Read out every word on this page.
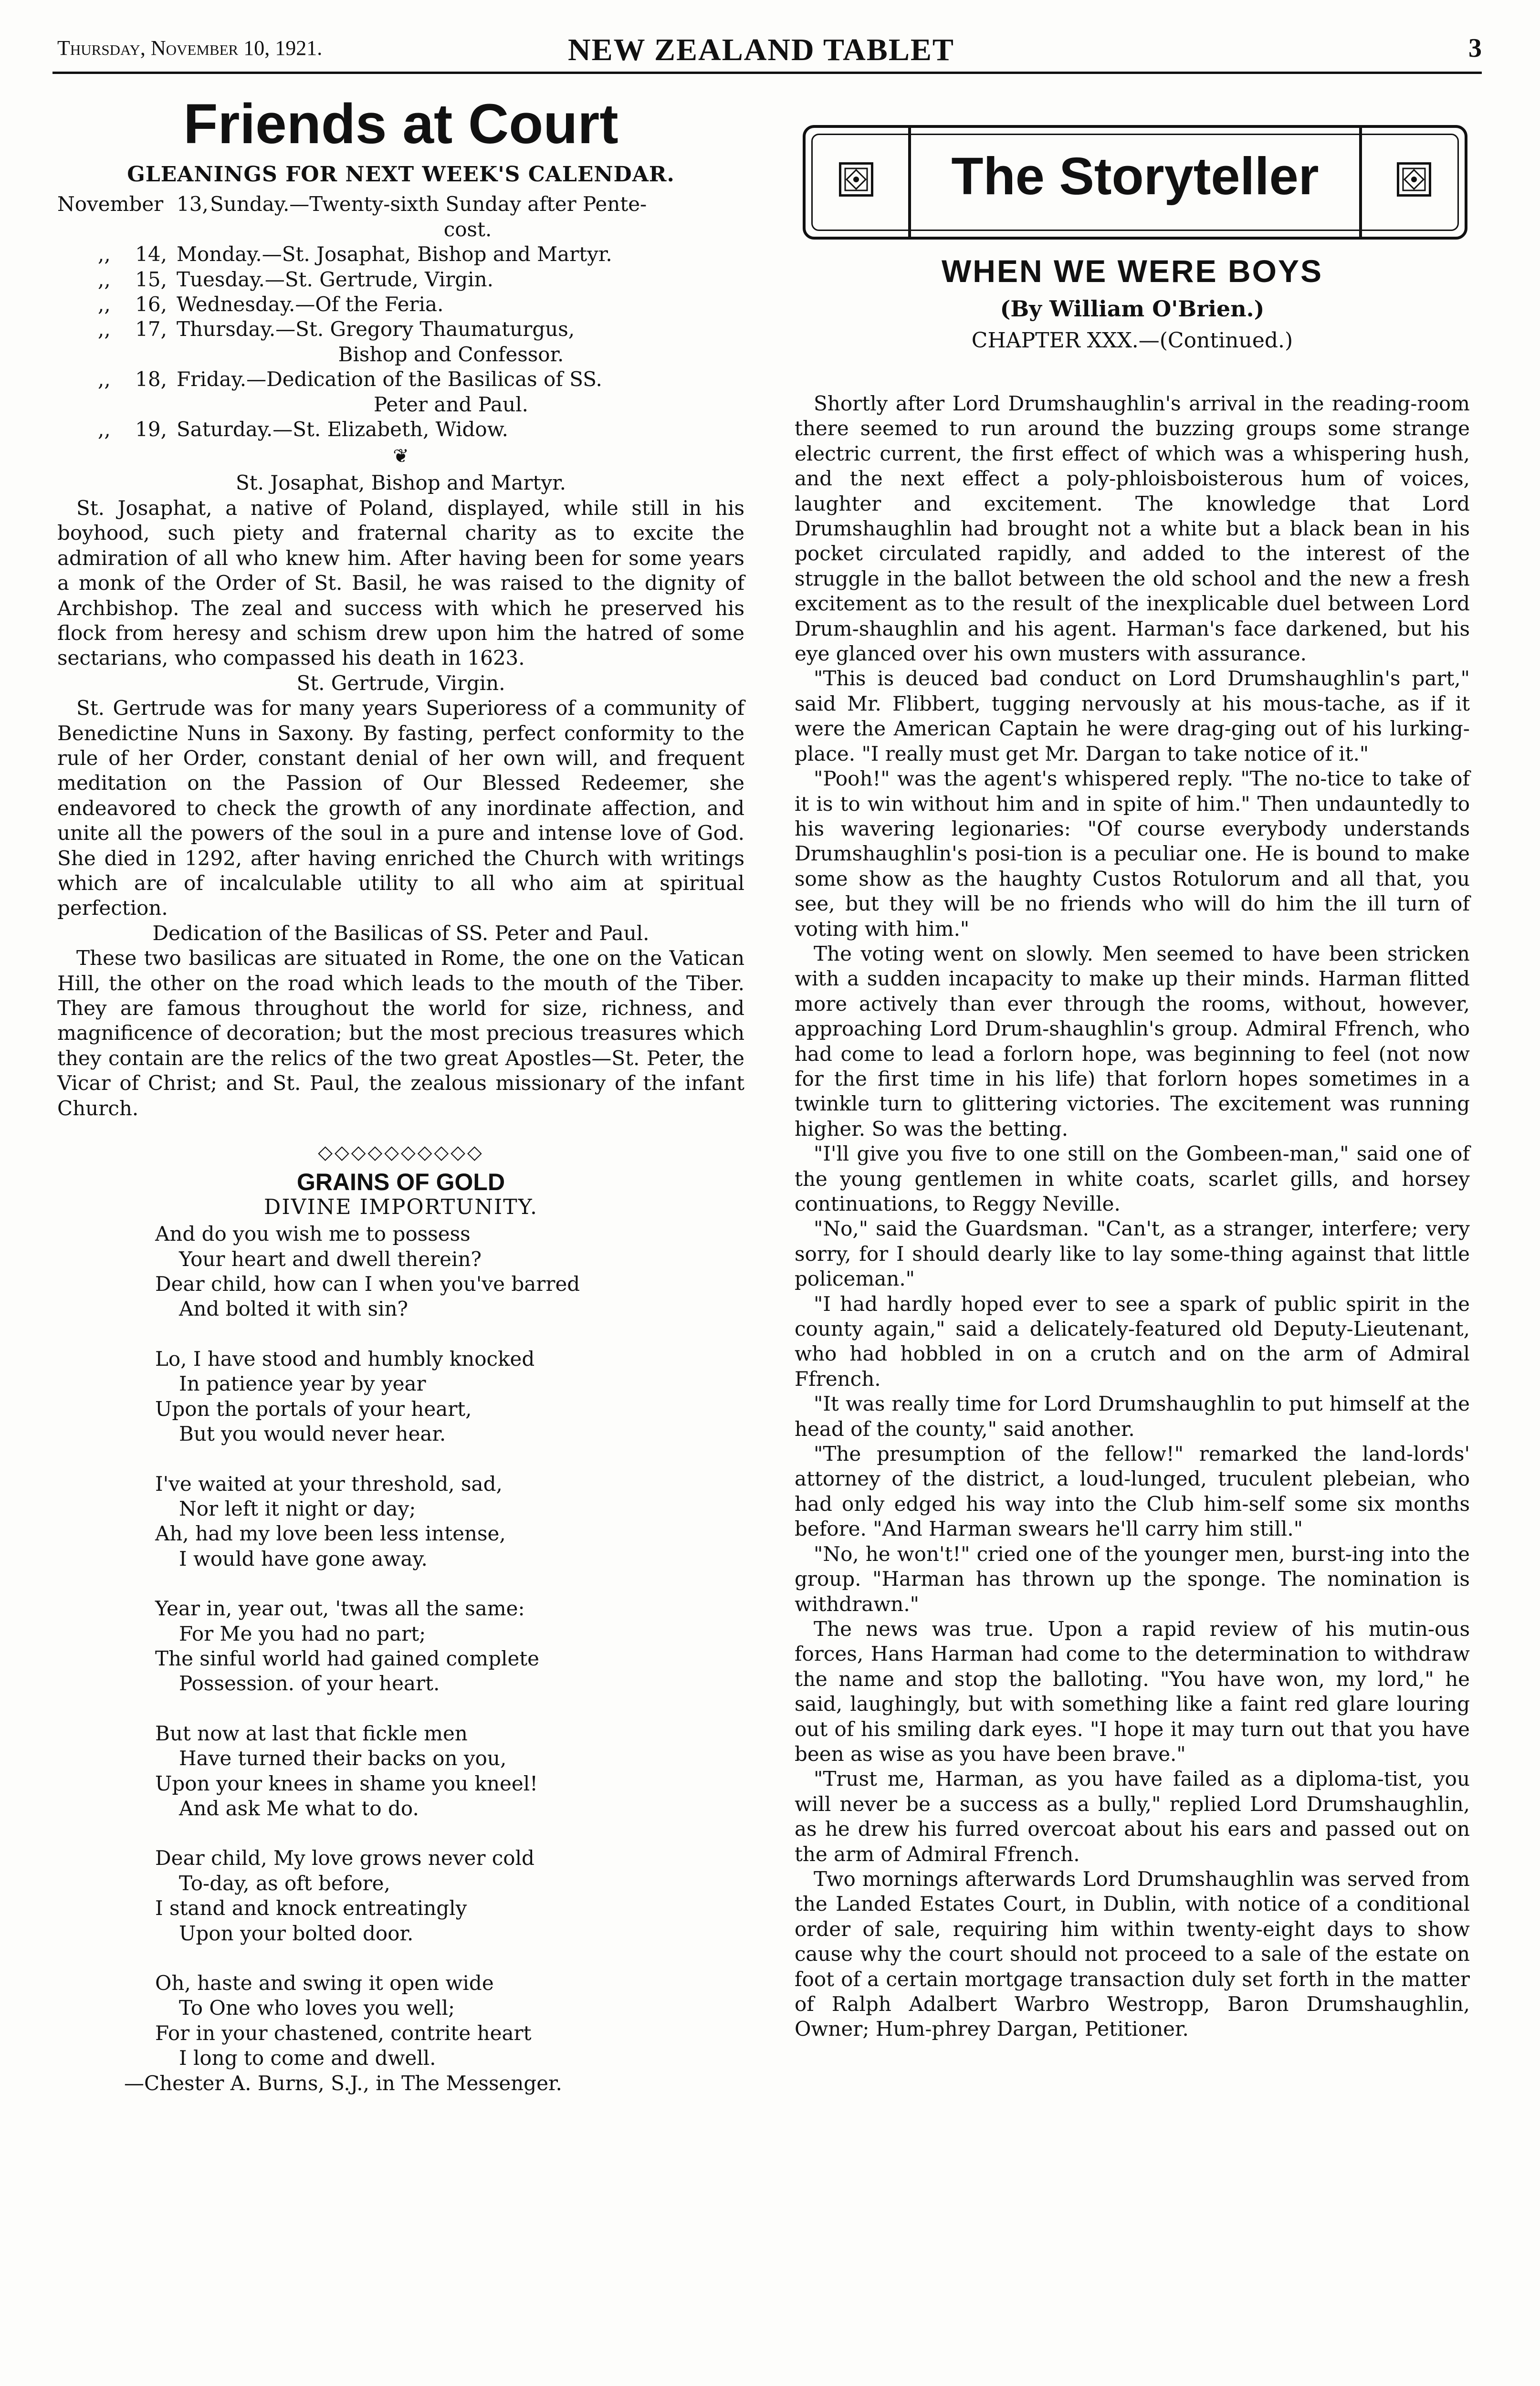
Thursday, November 10, 1921.	NEW ZEALAND TABLET	3
Friends at Court
GLEANINGS FOR NEXT WEEK'S CALENDAR.
November 13, Sunday.—Twenty-sixth Sunday after Pente-
cost.
,,	14, Monday.—St. Josaphat, Bishop and Martyr.
,,	15, Tuesday.—St. Gertrude, Virgin.
,,	16, Wednesday.—Of the Feria.
,,	17, Thursday.—St. Gregory Thaumaturgus,
Bishop and Confessor.
,,	18, Friday.—Dedication of the Basilicas of SS.
Peter and Paul.
,,	19, Saturday.—St. Elizabeth, Widow.
❦
St. Josaphat, Bishop and Martyr.

St. Josaphat, a native of Poland, displayed, while still in his boyhood, such piety and fraternal charity as to excite the admiration of all who knew him. After having been for some years a monk of the Order of St. Basil, he was raised to the dignity of Archbishop. The zeal and success with which he preserved his flock from heresy and schism drew upon him the hatred of some sectarians, who compassed his death in 1623.

St. Gertrude, Virgin.

St. Gertrude was for many years Superioress of a community of Benedictine Nuns in Saxony. By fasting, perfect conformity to the rule of her Order, constant denial of her own will, and frequent meditation on the Passion of Our Blessed Redeemer, she endeavored to check the growth of any inordinate affection, and unite all the powers of the soul in a pure and intense love of God. She died in 1292, after having enriched the Church with writings which are of incalculable utility to all who aim at spiritual perfection.

Dedication of the Basilicas of SS. Peter and Paul.

These two basilicas are situated in Rome, the one on the Vatican Hill, the other on the road which leads to the mouth of the Tiber. They are famous throughout the world for size, richness, and magnificence of decoration; but the most precious treasures which they contain are the relics of the two great Apostles—St. Peter, the Vicar of Christ; and St. Paul, the zealous missionary of the infant Church.

◇◇◇◇◇◇◇◇◇◇
GRAINS OF GOLD
DIVINE IMPORTUNITY.
And do you wish me to possess
Your heart and dwell therein?
Dear child, how can I when you've barred
And bolted it with sin?
Lo, I have stood and humbly knocked
In patience year by year
Upon the portals of your heart,
But you would never hear.
I've waited at your threshold, sad,
Nor left it night or day;
Ah, had my love been less intense,
I would have gone away.
Year in, year out, 'twas all the same:
For Me you had no part;
The sinful world had gained complete
Possession. of your heart.
But now at last that fickle men
Have turned their backs on you,
Upon your knees in shame you kneel!
And ask Me what to do.
Dear child, My love grows never cold
To-day, as oft before,
I stand and knock entreatingly
Upon your bolted door.
Oh, haste and swing it open wide
To One who loves you well;
For in your chastened, contrite heart
I long to come and dwell.
—Chester A. Burns, S.J., in The Messenger.
The Storyteller
WHEN WE WERE BOYS
(By William O'Brien.)
CHAPTER XXX.—(Continued.)

Shortly after Lord Drumshaughlin's arrival in the reading-room there seemed to run around the buzzing groups some strange electric current, the first effect of which was a whispering hush, and the next effect a poly-phloisboisterous hum of voices, laughter and excitement. The knowledge that Lord Drumshaughlin had brought not a white but a black bean in his pocket circulated rapidly, and added to the interest of the struggle in the ballot between the old school and the new a fresh excitement as to the result of the inexplicable duel between Lord Drum-shaughlin and his agent. Harman's face darkened, but his eye glanced over his own musters with assurance.

"This is deuced bad conduct on Lord Drumshaughlin's part," said Mr. Flibbert, tugging nervously at his mous-tache, as if it were the American Captain he were drag-ging out of his lurking-place. "I really must get Mr. Dargan to take notice of it."

"Pooh!" was the agent's whispered reply. "The no-tice to take of it is to win without him and in spite of him." Then undauntedly to his wavering legionaries: "Of course everybody understands Drumshaughlin's posi-tion is a peculiar one. He is bound to make some show as the haughty Custos Rotulorum and all that, you see, but they will be no friends who will do him the ill turn of voting with him."

The voting went on slowly. Men seemed to have been stricken with a sudden incapacity to make up their minds. Harman flitted more actively than ever through the rooms, without, however, approaching Lord Drum-shaughlin's group. Admiral Ffrench, who had come to lead a forlorn hope, was beginning to feel (not now for the first time in his life) that forlorn hopes sometimes in a twinkle turn to glittering victories. The excitement was running higher. So was the betting.

"I'll give you five to one still on the Gombeen-man," said one of the young gentlemen in white coats, scarlet gills, and horsey continuations, to Reggy Neville.

"No," said the Guardsman. "Can't, as a stranger, interfere; very sorry, for I should dearly like to lay some-thing against that little policeman."

"I had hardly hoped ever to see a spark of public spirit in the county again," said a delicately-featured old Deputy-Lieutenant, who had hobbled in on a crutch and on the arm of Admiral Ffrench.

"It was really time for Lord Drumshaughlin to put himself at the head of the county," said another.

"The presumption of the fellow!" remarked the land-lords' attorney of the district, a loud-lunged, truculent plebeian, who had only edged his way into the Club him-self some six months before. "And Harman swears he'll carry him still."

"No, he won't!" cried one of the younger men, burst-ing into the group. "Harman has thrown up the sponge. The nomination is withdrawn."

The news was true. Upon a rapid review of his mutin-ous forces, Hans Harman had come to the determination to withdraw the name and stop the balloting. "You have won, my lord," he said, laughingly, but with something like a faint red glare louring out of his smiling dark eyes. "I hope it may turn out that you have been as wise as you have been brave."

"Trust me, Harman, as you have failed as a diploma-tist, you will never be a success as a bully," replied Lord Drumshaughlin, as he drew his furred overcoat about his ears and passed out on the arm of Admiral Ffrench.

Two mornings afterwards Lord Drumshaughlin was served from the Landed Estates Court, in Dublin, with notice of a conditional order of sale, requiring him within twenty-eight days to show cause why the court should not proceed to a sale of the estate on foot of a certain mortgage transaction duly set forth in the matter of Ralph Adalbert Warbro Westropp, Baron Drumshaughlin, Owner; Hum-phrey Dargan, Petitioner.
